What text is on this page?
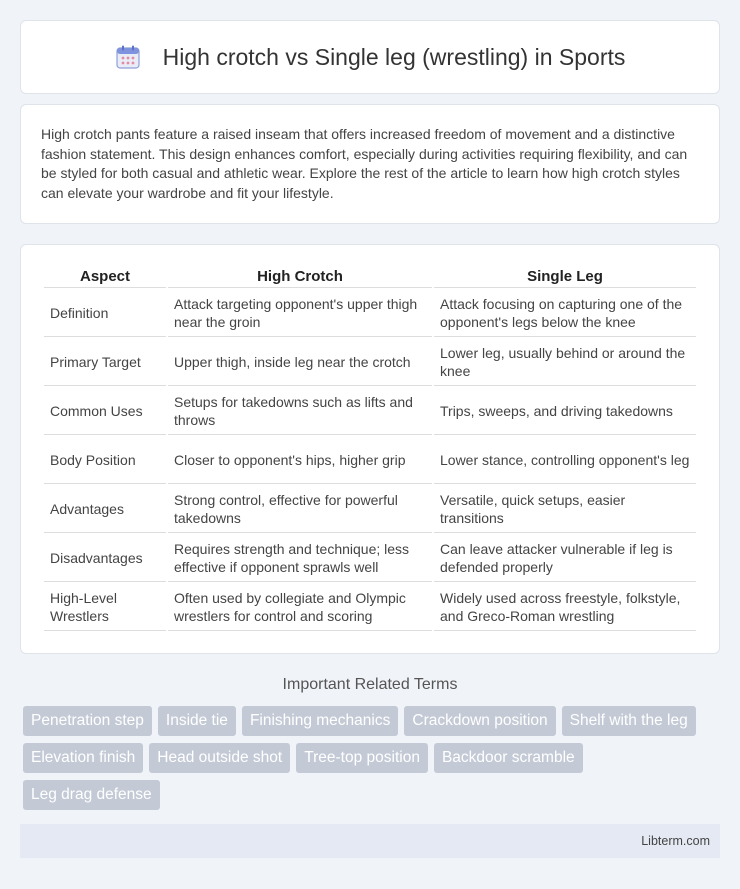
High crotch vs Single leg (wrestling) in Sports

High crotch pants feature a raised inseam that offers increased freedom of movement and a distinctive fashion statement. This design enhances comfort, especially during activities requiring flexibility, and can be styled for both casual and athletic wear. Explore the rest of the article to learn how high crotch styles can elevate your wardrobe and fit your lifestyle.

Aspect	High Crotch	Single Leg
Definition	Attack targeting opponent's upper thigh near the groin	Attack focusing on capturing one of the opponent's legs below the knee
Primary Target	Upper thigh, inside leg near the crotch	Lower leg, usually behind or around the knee
Common Uses	Setups for takedowns such as lifts and throws	Trips, sweeps, and driving takedowns
Body Position	Closer to opponent's hips, higher grip	Lower stance, controlling opponent's leg
Advantages	Strong control, effective for powerful takedowns	Versatile, quick setups, easier transitions
Disadvantages	Requires strength and technique; less effective if opponent sprawls well	Can leave attacker vulnerable if leg is defended properly
High-Level Wrestlers	Often used by collegiate and Olympic wrestlers for control and scoring	Widely used across freestyle, folkstyle, and Greco-Roman wrestling
Important Related Terms
Penetration step	Inside tie	Finishing mechanics	Crackdown position	Shelf with the leg
Elevation finish	Head outside shot	Tree-top position	Backdoor scramble
Leg drag defense
Libterm.com
